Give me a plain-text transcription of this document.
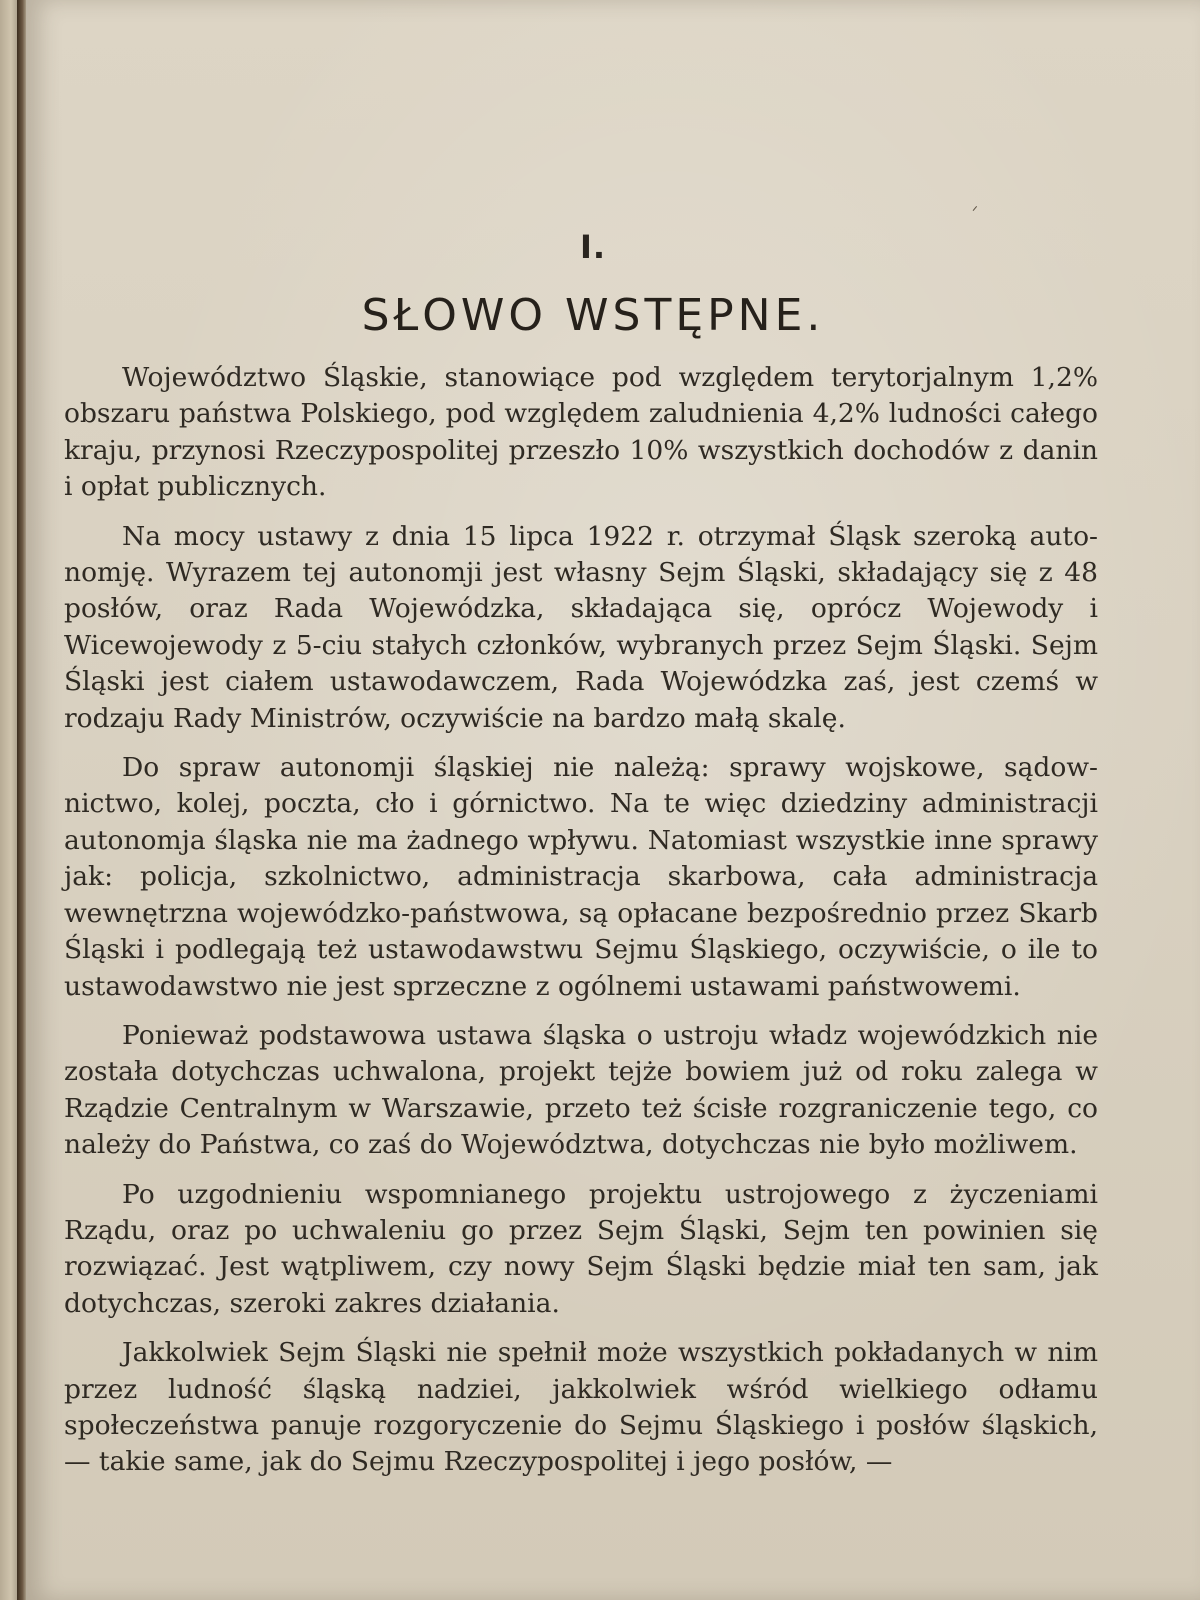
ᐟ
I.
SŁOWO WSTĘPNE.

Województwo Śląskie, stanowiące pod względem terytorjalnym 1,2% obszaru państwa Polskiego, pod względem zaludnienia 4,2% ludności całego kraju, przynosi Rzeczypospolitej przeszło 10% wszystkich dochodów z danin i opłat publicznych.

Na mocy ustawy z dnia 15 lipca 1922 r. otrzymał Śląsk szeroką autonomję. Wyrazem tej autonomji jest własny Sejm Śląski, składający się z 48 posłów, oraz Rada Wojewódzka, składająca się, oprócz Wojewody i Wicewojewody z 5-ciu stałych członków, wybranych przez Sejm Śląski. Sejm Śląski jest ciałem ustawodawczem, Rada Wojewódzka zaś, jest czemś w rodzaju Rady Ministrów, oczywiście na bardzo małą skalę.

Do spraw autonomji śląskiej nie należą: sprawy wojskowe, sądownictwo, kolej, poczta, cło i górnictwo. Na te więc dziedziny administracji autonomja śląska nie ma żadnego wpływu. Natomiast wszystkie inne sprawy jak: policja, szkolnictwo, administracja skarbowa, cała administracja wewnętrzna wojewódzko-państwowa, są opłacane bezpośrednio przez Skarb Śląski i podlegają też ustawodawstwu Sejmu Śląskiego, oczywiście, o ile to ustawodawstwo nie jest sprzeczne z ogólnemi ustawami państwowemi.

Ponieważ podstawowa ustawa śląska o ustroju władz wojewódzkich nie została dotychczas uchwalona, projekt tejże bowiem już od roku zalega w Rządzie Centralnym w Warszawie, przeto też ścisłe rozgraniczenie tego, co należy do Państwa, co zaś do Województwa, dotychczas nie było możliwem.

Po uzgodnieniu wspomnianego projektu ustrojowego z życzeniami Rządu, oraz po uchwaleniu go przez Sejm Śląski, Sejm ten powinien się rozwiązać. Jest wątpliwem, czy nowy Sejm Śląski będzie miał ten sam, jak dotychczas, szeroki zakres działania.

Jakkolwiek Sejm Śląski nie spełnił może wszystkich pokładanych w nim przez ludność śląską nadziei, jakkolwiek wśród wielkiego odłamu społeczeństwa panuje rozgoryczenie do Sejmu Śląskiego i posłów śląskich, — takie same, jak do Sejmu Rzeczypospolitej i jego posłów, —
